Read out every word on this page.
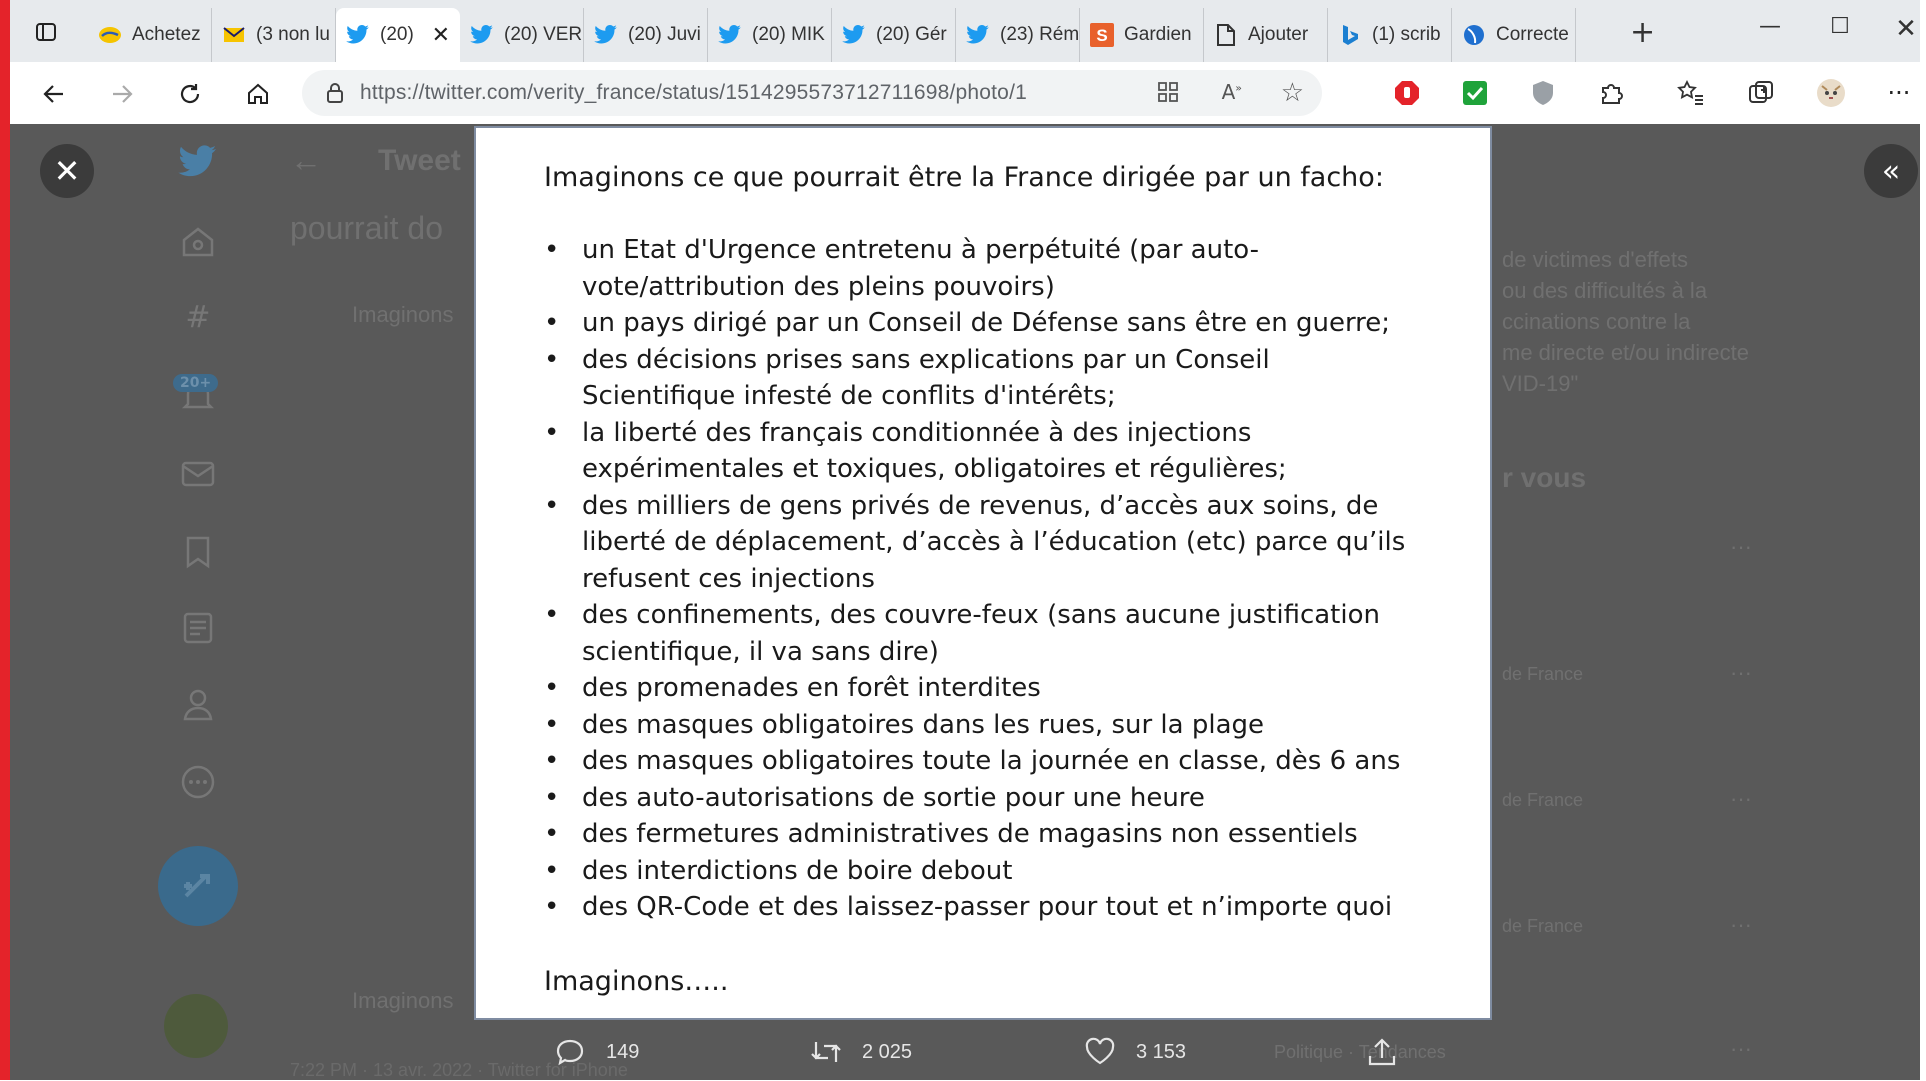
Achetez	(3 non lu	(20) ✕	(20) VER (20) Juvi	(20) MIK	(20) Gér	(23) Rém S Gardien	Ajouter	(1) scrib	Correcte +	—	☐	✕
https://twitter.com/verity_france/status/1514295573712711698/photo/1	A» ☆	···
✕
#
20+
← Tweet
pourrait do
Imaginons
Imaginons
de victimes d'effets
ou des difficultés à la
ccinations contre la
me directe et/ou indirecte
VID-19"
r vous
de France
de France
de France
Politique · Tendances
···
···
···
···
···
«
Imaginons ce que pourrait être la France dirigée par un facho:
• un Etat d'Urgence entretenu à perpétuité (par auto-vote/attribution des pleins pouvoirs)
• un pays dirigé par un Conseil de Défense sans être en guerre;
• des décisions prises sans explications par un Conseil Scientifique infesté de conflits d'intérêts;
• la liberté des français conditionnée à des injections expérimentales et toxiques, obligatoires et régulières;
• des milliers de gens privés de revenus, d’accès aux soins, de liberté de déplacement, d’accès à l’éducation (etc) parce qu’ils refusent ces injections
• des confinements, des couvre-feux (sans aucune justification scientifique, il va sans dire)
• des promenades en forêt interdites
• des masques obligatoires dans les rues, sur la plage
• des masques obligatoires toute la journée en classe, dès 6 ans
• des auto-autorisations de sortie pour une heure
• des fermetures administratives de magasins non essentiels
• des interdictions de boire debout
• des QR-Code et des laissez-passer pour tout et n’importe quoi

Imaginons…..

149	2 025	3 153
7:22 PM · 13 avr. 2022 · Twitter for iPhone
